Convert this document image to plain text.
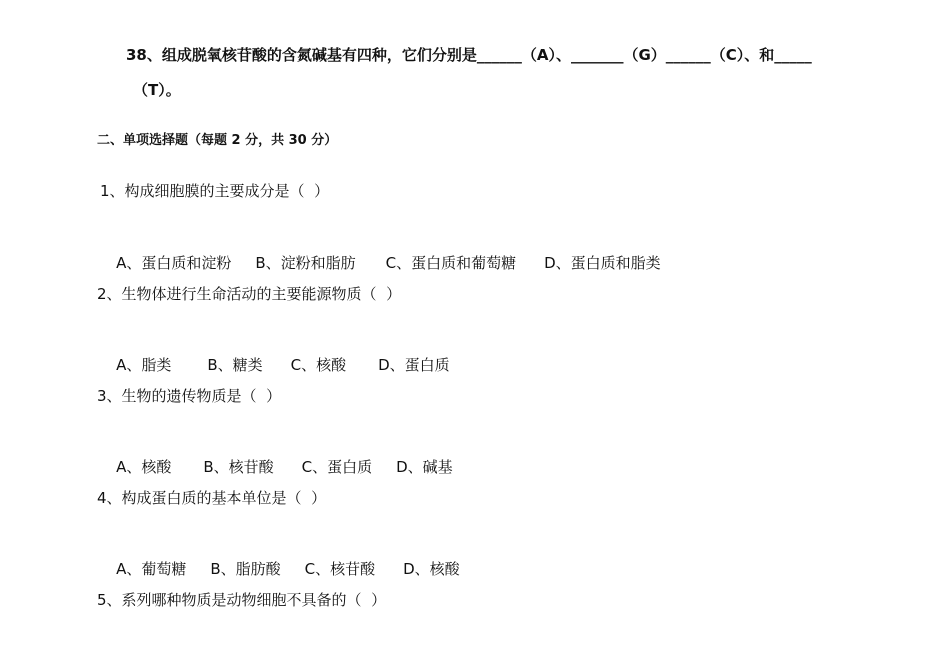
38、组成脱氧核苷酸的含氮碱基有四种，它们分别是______（A）、_______（G）______（C）、和_____
（T）。
二、单项选择题（每题 2 分，共 30 分）
1、构成细胞膜的主要成分是（  ）

A、蛋白质和淀粉 B、淀粉和脂肪 C、蛋白质和葡萄糖 D、蛋白质和脂类

2、生物体进行生命活动的主要能源物质（  ）

A、脂类 B、糖类 C、核酸 D、蛋白质

3、生物的遗传物质是（  ）

A、核酸 B、核苷酸 C、蛋白质 D、碱基

4、构成蛋白质的基本单位是（  ）

A、葡萄糖 B、脂肪酸 C、核苷酸 D、核酸

5、系列哪种物质是动物细胞不具备的（  ）
